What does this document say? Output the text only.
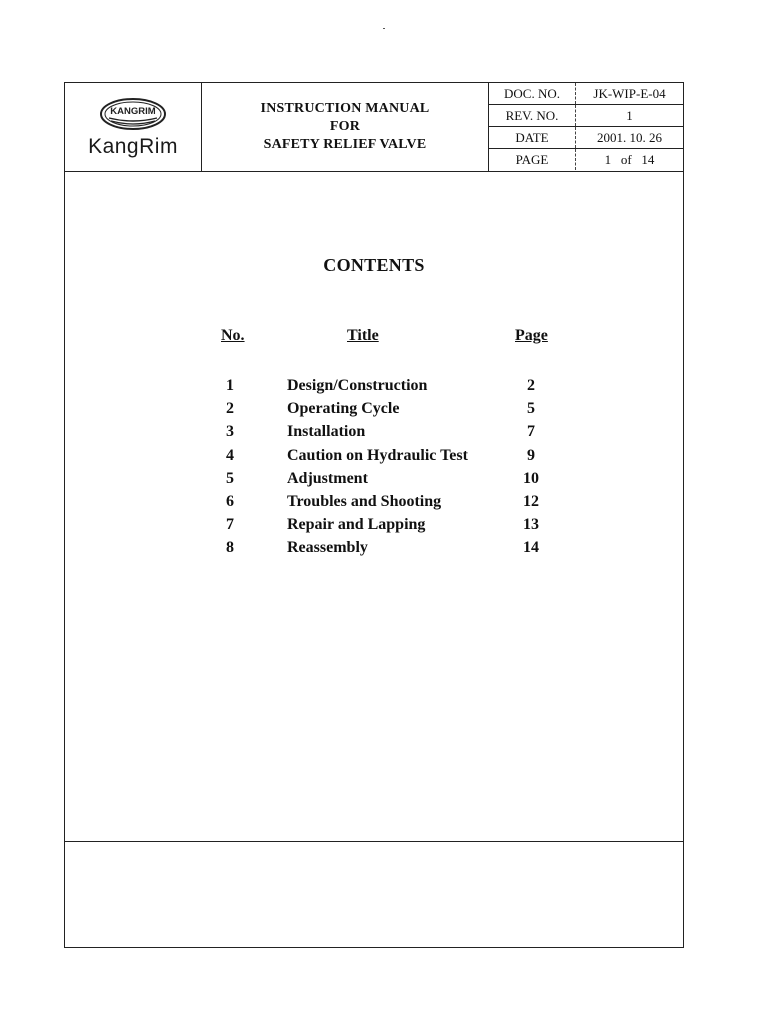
KANGRIM
KangRim
INSTRUCTION MANUAL
FOR
SAFETY RELIEF VALVE
DOC. NO.	JK-WIP-E-04
REV. NO.	1
DATE	2001. 10. 26
PAGE	1   of   14
CONTENTS
No.	Title	Page
1	Design/Construction	2
2	Operating Cycle	5
3	Installation	7
4	Caution on Hydraulic Test	9
5	Adjustment	10
6	Troubles and Shooting	12
7	Repair and Lapping	13
8	Reassembly	14
